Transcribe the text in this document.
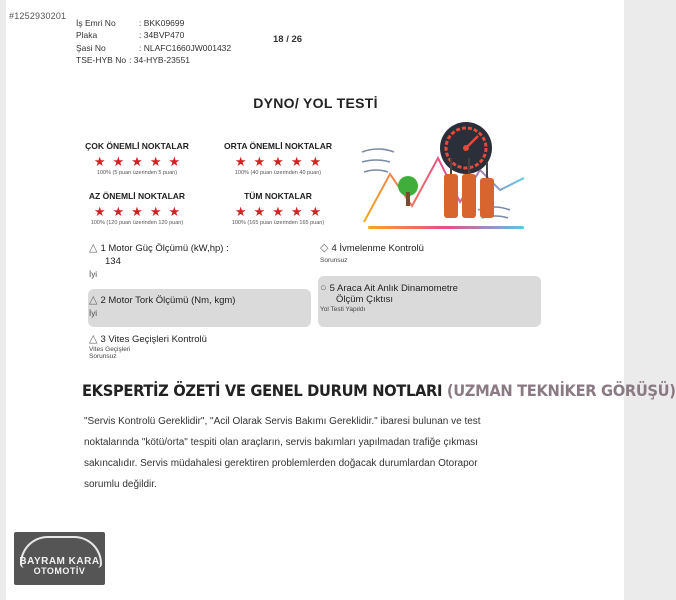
#1252930201
İş Emri No	: BKK09699
Plaka	: 34BVP470
Şasi No	: NLAFC1660JW001432
TSE-HYB No : 34-HYB-23551
18 / 26
DYNO/ YOL TESTİ
ÇOK ÖNEMLİ NOKTALAR
★ ★ ★ ★ ★
100% (5 puan üzerinden 5 puan)
ORTA ÖNEMLİ NOKTALAR
★ ★ ★ ★ ★
100% (40 puan üzerinden 40 puan)
AZ ÖNEMLİ NOKTALAR
★ ★ ★ ★ ★
100% (120 puan üzerinden 120 puan)
TÜM NOKTALAR
★ ★ ★ ★ ★
100% (165 puan üzerinden 165 puan)
△ 1 Motor Güç Ölçümü (kW,hp) :
134
İyi
△ 2 Motor Tork Ölçümü (Nm, kgm)
İyi
△ 3 Vites Geçişleri Kontrolü
Vites Geçişleri
Sorunsuz
◇ 4 İvmelenme Kontrolü
Sorunsuz
○ 5 Araca Ait Anlık Dinamometre
Ölçüm Çıktısı
Yol Testi Yapıldı
EKSPERTİZ ÖZETİ VE GENEL DURUM NOTLARI (UZMAN TEKNİKER GÖRÜŞÜ)
"Servis Kontrolü Gereklidir", "Acil Olarak Servis Bakımı Gereklidir." ibaresi bulunan ve test
noktalarında "kötü/orta" tespiti olan araçların, servis bakımları yapılmadan trafiğe çıkması
sakıncalıdır. Servis müdahalesi gerektiren problemlerden doğacak durumlardan Otorapor
sorumlu değildir.
BAYRAM KARA
OTOMOTİV
